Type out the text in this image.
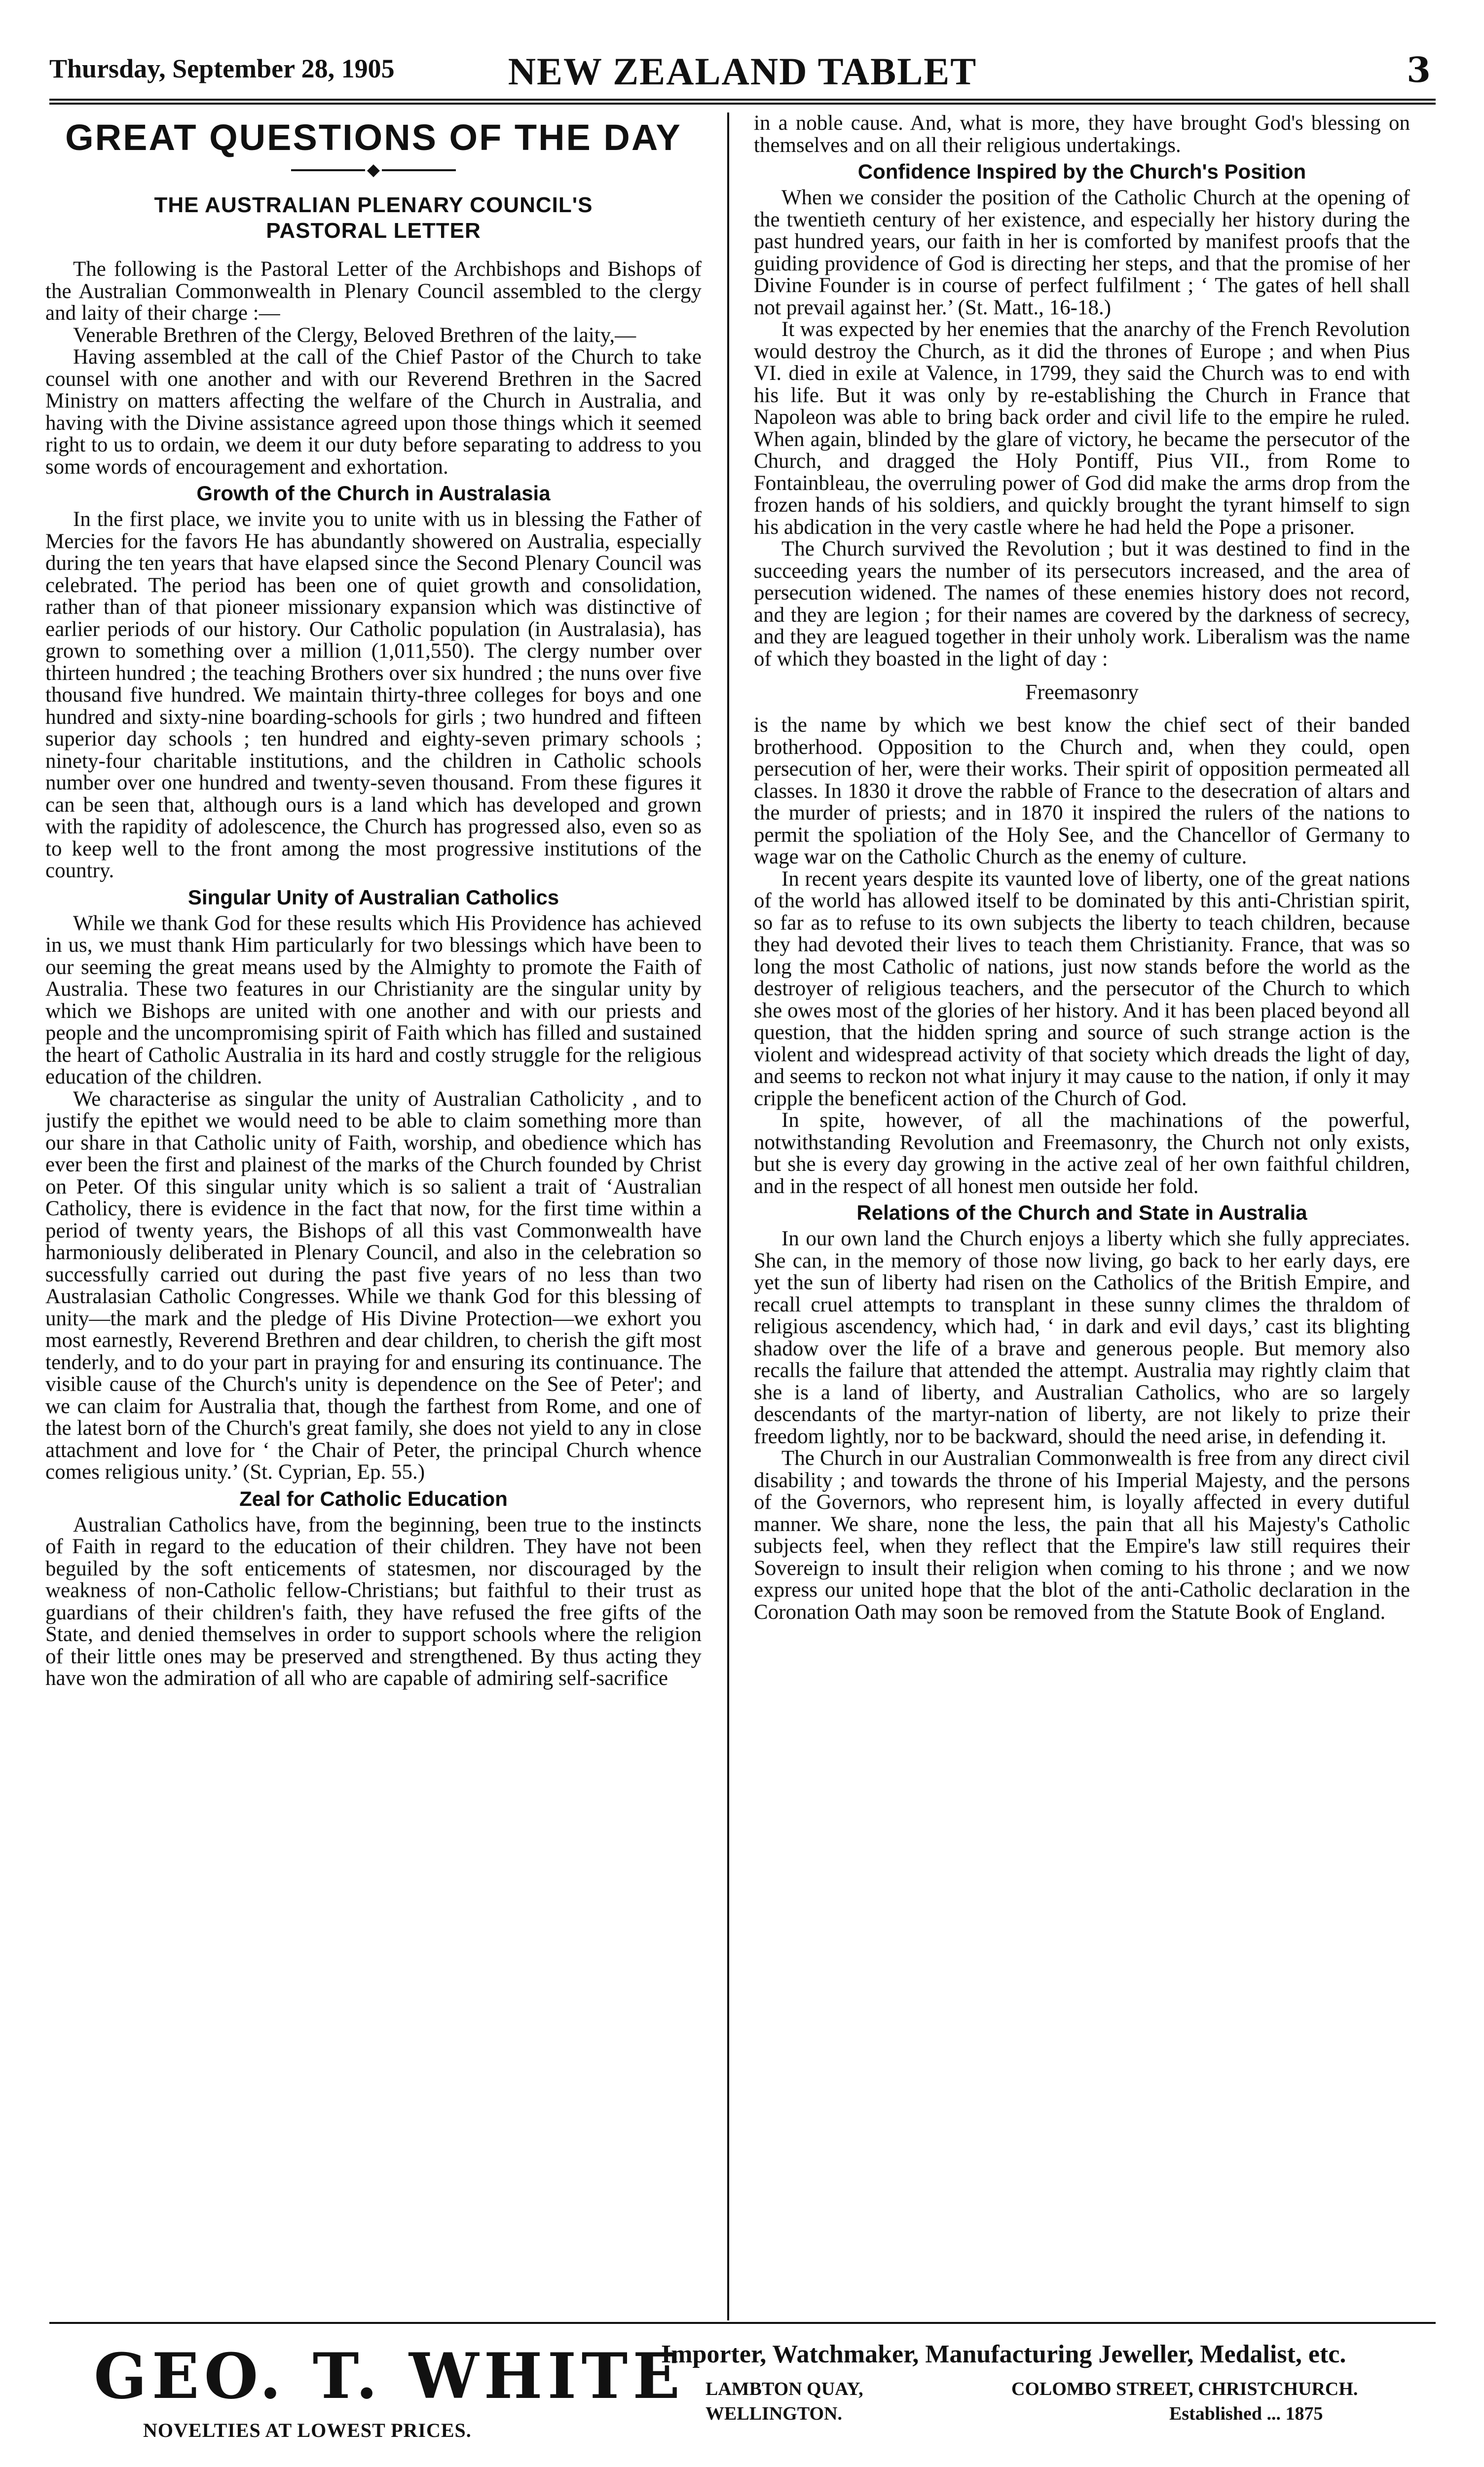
Thursday, September 28, 1905	NEW ZEALAND TABLET	3
GREAT QUESTIONS OF THE DAY
◆
THE AUSTRALIAN PLENARY COUNCIL'S
PASTORAL LETTER

The following is the Pastoral Letter of the Archbishops and Bishops of the Australian Commonwealth in Plenary Council assembled to the clergy and laity of their charge :—

Venerable Brethren of the Clergy, Beloved Brethren of the laity,—

Having assembled at the call of the Chief Pastor of the Church to take counsel with one another and with our Reverend Brethren in the Sacred Ministry on matters affecting the welfare of the Church in Australia, and having with the Divine assistance agreed upon those things which it seemed right to us to ordain, we deem it our duty before separating to address to you some words of encouragement and exhortation.

Growth of the Church in Australasia

In the first place, we invite you to unite with us in blessing the Father of Mercies for the favors He has abundantly showered on Australia, especially during the ten years that have elapsed since the Second Plenary Council was celebrated. The period has been one of quiet growth and consolidation, rather than of that pioneer missionary expansion which was distinctive of earlier periods of our history. Our Catholic population (in Australasia), has grown to something over a million (1,011,550). The clergy number over thirteen hundred ; the teaching Brothers over six hundred ; the nuns over five thousand five hundred. We maintain thirty-three colleges for boys and one hundred and sixty-nine boarding-schools for girls ; two hundred and fifteen superior day schools ; ten hundred and eighty-seven primary schools ; ninety-four charitable institutions, and the children in Catholic schools number over one hundred and twenty-seven thousand. From these figures it can be seen that, although ours is a land which has developed and grown with the rapidity of adolescence, the Church has progressed also, even so as to keep well to the front among the most progressive institutions of the country.

Singular Unity of Australian Catholics

While we thank God for these results which His Providence has achieved in us, we must thank Him particularly for two blessings which have been to our seeming the great means used by the Almighty to promote the Faith of Australia. These two features in our Christianity are the singular unity by which we Bishops are united with one another and with our priests and people and the uncompromising spirit of Faith which has filled and sustained the heart of Catholic Australia in its hard and costly struggle for the religious education of the children.

We characterise as singular the unity of Australian Catholicity , and to justify the epithet we would need to be able to claim something more than our share in that Catholic unity of Faith, worship, and obedience which has ever been the first and plainest of the marks of the Church founded by Christ on Peter. Of this singular unity which is so salient a trait of ‘Australian Catholicy, there is evidence in the fact that now, for the first time within a period of twenty years, the Bishops of all this vast Commonwealth have harmoniously deliberated in Plenary Council, and also in the celebration so successfully carried out during the past five years of no less than two Australasian Catholic Congresses. While we thank God for this blessing of unity—the mark and the pledge of His Divine Protection—we exhort you most earnestly, Reverend Brethren and dear children, to cherish the gift most tenderly, and to do your part in praying for and ensuring its continuance. The visible cause of the Church's unity is dependence on the See of Peter'; and we can claim for Australia that, though the farthest from Rome, and one of the latest born of the Church's great family, she does not yield to any in close attachment and love for ‘ the Chair of Peter, the principal Church whence comes religious unity.’ (St. Cyprian, Ep. 55.)

Zeal for Catholic Education

Australian Catholics have, from the beginning, been true to the instincts of Faith in regard to the education of their children. They have not been beguiled by the soft enticements of statesmen, nor discouraged by the weakness of non-Catholic fellow-Christians; but faithful to their trust as guardians of their children's faith, they have refused the free gifts of the State, and denied themselves in order to support schools where the religion of their little ones may be preserved and strengthened. By thus acting they have won the admiration of all who are capable of admiring self-sacrifice

in a noble cause. And, what is more, they have brought God's blessing on themselves and on all their religious undertakings.

Confidence Inspired by the Church's Position

When we consider the position of the Catholic Church at the opening of the twentieth century of her existence, and especially her history during the past hundred years, our faith in her is comforted by manifest proofs that the guiding providence of God is directing her steps, and that the promise of her Divine Founder is in course of perfect fulfilment ; ‘ The gates of hell shall not prevail against her.’ (St. Matt., 16-18.)

It was expected by her enemies that the anarchy of the French Revolution would destroy the Church, as it did the thrones of Europe ; and when Pius VI. died in exile at Valence, in 1799, they said the Church was to end with his life. But it was only by re-establishing the Church in France that Napoleon was able to bring back order and civil life to the empire he ruled. When again, blinded by the glare of victory, he became the persecutor of the Church, and dragged the Holy Pontiff, Pius VII., from Rome to Fontainbleau, the overruling power of God did make the arms drop from the frozen hands of his soldiers, and quickly brought the tyrant himself to sign his abdication in the very castle where he had held the Pope a prisoner.

The Church survived the Revolution ; but it was destined to find in the succeeding years the number of its persecutors increased, and the area of persecution widened. The names of these enemies history does not record, and they are legion ; for their names are covered by the darkness of secrecy, and they are leagued together in their unholy work. Liberalism was the name of which they boasted in the light of day :

Freemasonry

is the name by which we best know the chief sect of their banded brotherhood. Opposition to the Church and, when they could, open persecution of her, were their works. Their spirit of opposition permeated all classes. In 1830 it drove the rabble of France to the desecration of altars and the murder of priests; and in 1870 it inspired the rulers of the nations to permit the spoliation of the Holy See, and the Chancellor of Germany to wage war on the Catholic Church as the enemy of culture.

In recent years despite its vaunted love of liberty, one of the great nations of the world has allowed itself to be dominated by this anti-Christian spirit, so far as to refuse to its own subjects the liberty to teach children, because they had devoted their lives to teach them Christianity. France, that was so long the most Catholic of nations, just now stands before the world as the destroyer of religious teachers, and the persecutor of the Church to which she owes most of the glories of her history. And it has been placed beyond all question, that the hidden spring and source of such strange action is the violent and widespread activity of that society which dreads the light of day, and seems to reckon not what injury it may cause to the nation, if only it may cripple the beneficent action of the Church of God.

In spite, however, of all the machinations of the powerful, notwithstanding Revolution and Freemasonry, the Church not only exists, but she is every day growing in the active zeal of her own faithful children, and in the respect of all honest men outside her fold.

Relations of the Church and State in Australia

In our own land the Church enjoys a liberty which she fully appreciates. She can, in the memory of those now living, go back to her early days, ere yet the sun of liberty had risen on the Catholics of the British Empire, and recall cruel attempts to transplant in these sunny climes the thraldom of religious ascendency, which had, ‘ in dark and evil days,’ cast its blighting shadow over the life of a brave and generous people. But memory also recalls the failure that attended the attempt. Australia may rightly claim that she is a land of liberty, and Australian Catholics, who are so largely descendants of the martyr-nation of liberty, are not likely to prize their freedom lightly, nor to be backward, should the need arise, in defending it.

The Church in our Australian Commonwealth is free from any direct civil disability ; and towards the throne of his Imperial Majesty, and the persons of the Governors, who represent him, is loyally affected in every dutiful manner. We share, none the less, the pain that all his Majesty's Catholic subjects feel, when they reflect that the Empire's law still requires their Sovereign to insult their religion when coming to his throne ; and we now express our united hope that the blot of the anti-Catholic declaration in the Coronation Oath may soon be removed from the Statute Book of England.

GEO. T. WHITE
NOVELTIES AT LOWEST PRICES.
Importer, Watchmaker, Manufacturing Jeweller, Medalist, etc.
LAMBTON QUAY,
WELLINGTON.
COLOMBO STREET, CHRISTCHURCH.
Established ... 1875
